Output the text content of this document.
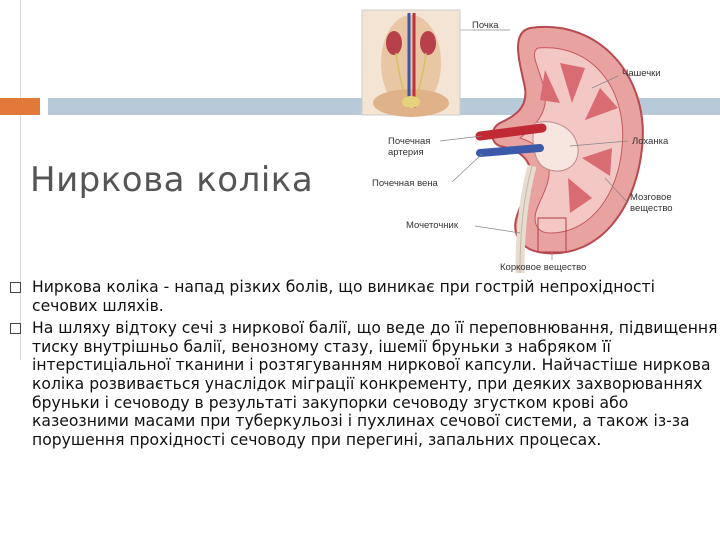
Ниркова коліка
Почка
Чашечки
Почечная
артерия
Лоханка
Почечная вена
Мозговое
вещество
Мочеточник
Корковое вещество
Ниркова коліка - напад різких болів, що виникає при гострій непрохідності сечових шляхів.
На шляху відтоку сечі з ниркової балії, що веде до її переповнювання, підвищення тиску внутрішньо балії, венозному стазу, ішемії бруньки з набряком її інтерстиціальної тканини і розтягуванням ниркової капсули. Найчастіше ниркова коліка розвивається унаслідок міграції конкременту, при деяких захворюваннях бруньки і сечоводу в результаті закупорки сечоводу згустком крові або казеозними масами при туберкульозі і пухлинах сечової системи, а також із-за порушення прохідності сечоводу при перегині, запальних процесах.
